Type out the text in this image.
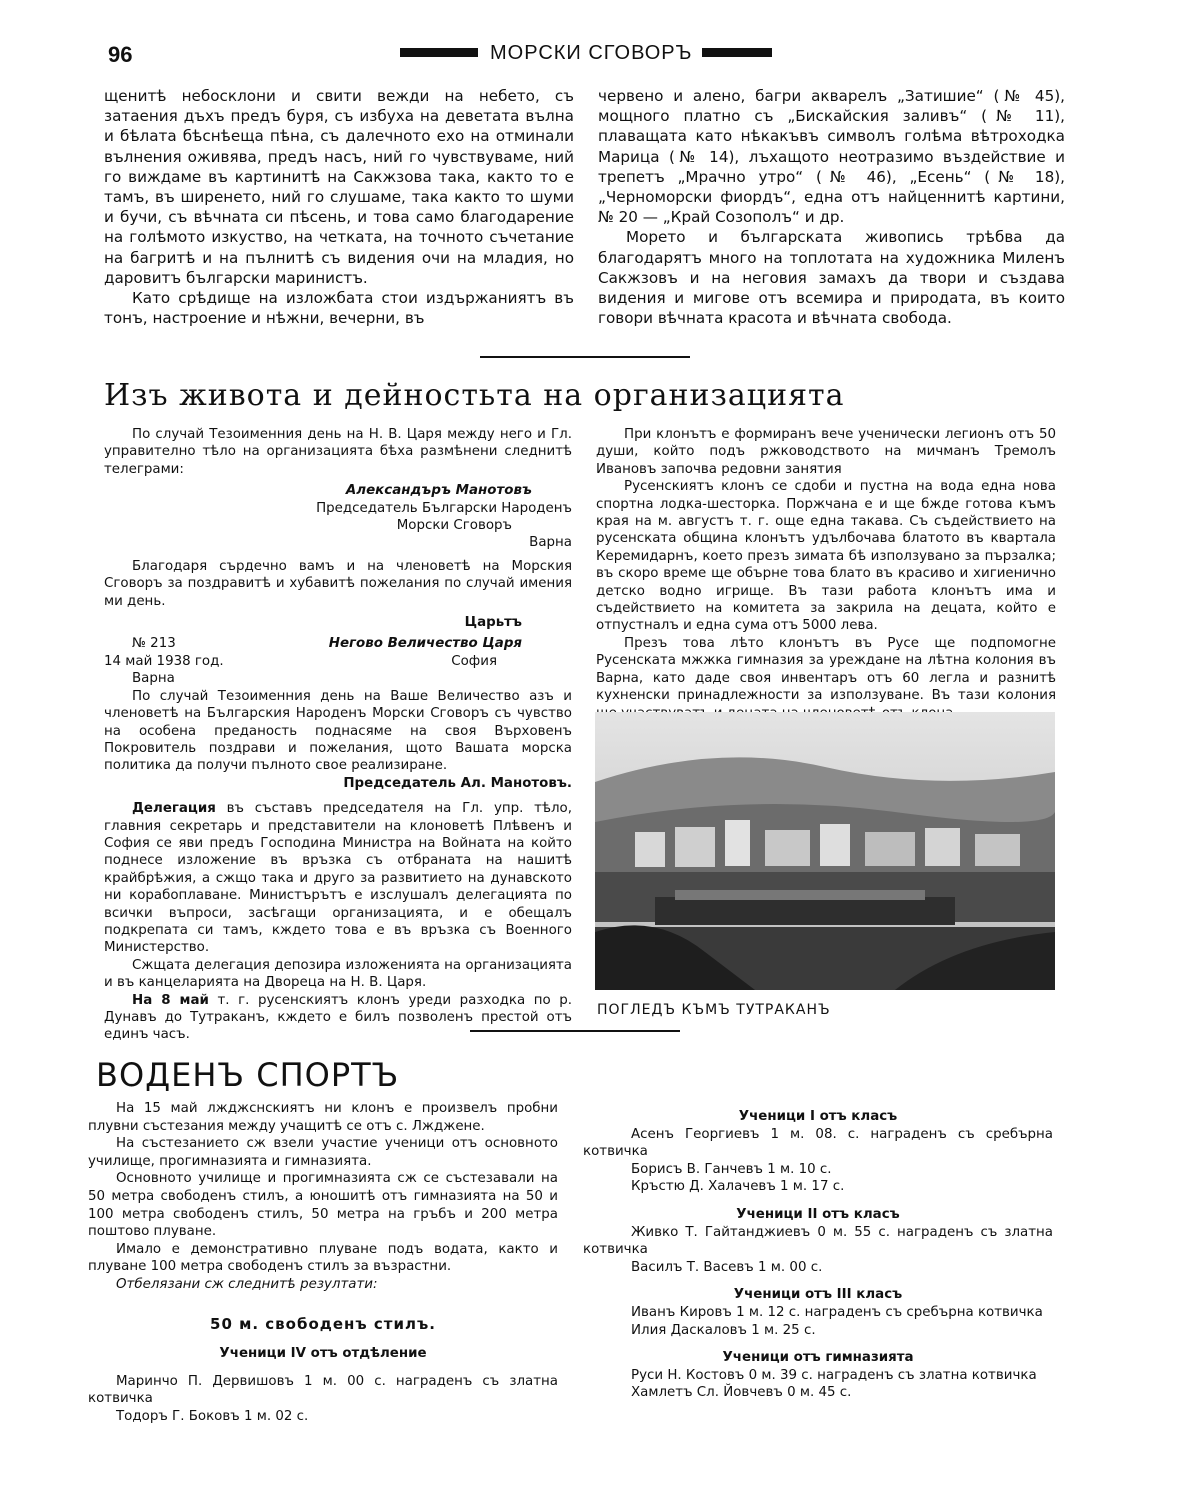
96	МОРСКИ СГОВОРЪ

щенитѣ небосклони и свити вежди на небето, съ затаения дъхъ предъ буря, съ избуха на деветата вълна и бѣлата бѣснѣеща пѣна, съ далечното ехо на отминали вълнения оживява, предъ насъ, ний го чувствуваме, ний го виждаме въ картинитѣ на Сакжзова така, както то е тамъ, въ ширенето, ний го слушаме, така както то шуми и бучи, съ вѣчната си пѣсень, и това само благодарение на голѣмото изкуство, на четката, на точното съчетание на багритѣ и на пълнитѣ съ видения очи на младия, но даровитъ български маринистъ.

Като срѣдище на изложбата стои издържаниятъ въ тонъ, настроение и нѣжни, вечерни, въ

червено и алено, багри акварелъ „Затишие“ (№ 45), мощного платно съ „Бискайския заливъ“ (№ 11), плаващата като нѣкакъвъ символъ голѣма вѣтроходка Марица (№ 14), лъхащото неотразимо въздействие и трепетъ „Мрачно утро“ (№ 46), „Есень“ (№ 18), „Черноморски фиордъ“, една отъ найценнитѣ картини, № 20 — „Край Созополъ“ и др.

Морето и българската живопись трѣбва да благодарятъ много на топлотата на художника Миленъ Сакжзовъ и на неговия замахъ да твори и създава видения и мигове отъ всемира и природата, въ които говори вѣчната красота и вѣчната свобода.

Изъ живота и дейностьта на организацията

По случай Тезоименния день на Н. В. Царя между него и Гл. управително тѣло на организацията бѣха размѣнени следнитѣ телеграми:

Александъръ Манотовъ
Председатель Български Народенъ
Морски Сговоръ
Варна

Благодаря сърдечно вамъ и на членоветѣ на Морския Сговоръ за поздравитѣ и хубавитѣ пожелания по случай имения ми день.

Царьтъ
№ 213	Негово Величество Царя
14 май 1938 год.	София
Варна

По случай Тезоименния день на Ваше Величество азъ и членоветѣ на Българския Народенъ Морски Сговоръ съ чувство на особена преданость поднасяме на своя Върховенъ Покровитель поздрави и пожелания, щото Вашата морска политика да получи пълното свое реализиране.

Председатель Ал. Манотовъ.

Делегация въ съставъ председателя на Гл. упр. тѣло, главния секретарь и представители на клоноветѣ Плѣвенъ и София се яви предъ Господина Министра на Войната на който поднесе изложение въ връзка съ отбраната на нашитѣ крайбрѣжия, а сжщо така и друго за развитието на дунавското ни корабоплаване. Министърътъ е изслушалъ делегацията по всички въпроси, засѣгащи организацията, и е обещалъ подкрепата си тамъ, кждето това е въ връзка съ Военного Министерство.

Сжщата делегация депозира изложенията на организацията и въ канцеларията на Двореца на Н. В. Царя.

На 8 май т. г. русенскиятъ клонъ уреди разходка по р. Дунавъ до Тутраканъ, кждето е билъ позволенъ престой отъ единъ часъ.

При клонътъ е формиранъ вече ученически легионъ отъ 50 души, който подъ ржководството на мичманъ Тремолъ Ивановъ започва редовни занятия

Русенскиятъ клонъ се сдоби и пустна на вода една нова спортна лодка-шесторка. Поржчана е и ще бжде готова къмъ края на м. августъ т. г. още една такава. Съ съдействието на русенската община клонътъ удълбочава блатото въ квартала Керемидарнъ, което презъ зимата бѣ използувано за пързалка; въ скоро време ще обърне това блато въ красиво и хигиенично детско водно игрище. Въ тази работа клонътъ има и съдействието на комитета за закрила на децата, който е отпустналъ и една сума отъ 5000 лева.

Презъ това лѣто клонътъ въ Русе ще подпомогне Русенската мжжка гимназия за уреждане на лѣтна колония въ Варна, като даде своя инвентаръ отъ 60 легла и разнитѣ кухненски принадлежности за използуване. Въ тази колония

ПОГЛЕДЪ КЪМЪ ТУТРАКАНЪ
ВОДЕНЪ СПОРТЪ

На 15 май лжджснскиятъ ни клонъ е произвелъ пробни плувни състезания между учащитѣ се отъ с. Лжджене.

На състезанието сж взели участие ученици отъ основното училище, прогимназията и гимназията.

Основното училище и прогимназията сж се състезавали на 50 метра свободенъ стилъ, а юношитѣ отъ гимназията на 50 и 100 метра свободенъ стилъ, 50 метра на гръбъ и 200 метра поштово плуване.

Имало е демонстративно плуване подъ водата, както и плуване 100 метра свободенъ стилъ за възрастни.

Отбелязани сж следнитѣ резултати:

50 м. свободенъ стилъ.
Ученици IV отъ отдѣление

Маринчо П. Дервишовъ 1 м. 00 с. награденъ съ златна котвичка

Тодоръ Г. Боковъ 1 м. 02 с.

Ученици I отъ класъ

Асенъ Георгиевъ 1 м. 08. с. награденъ съ сребърна котвичка

Борисъ В. Ганчевъ 1 м. 10 с.

Кръстю Д. Халачевъ 1 м. 17 с.

Ученици II отъ класъ

Живко Т. Гайтанджиевъ 0 м. 55 с. награденъ съ златна котвичка

Василъ Т. Васевъ 1 м. 00 с.

Ученици отъ III класъ

Иванъ Кировъ 1 м. 12 с. награденъ съ сребърна котвичка

Илия Даскаловъ 1 м. 25 с.

Ученици отъ гимназията

Руси Н. Костовъ 0 м. 39 с. награденъ съ златна котвичка

Хамлетъ Сл. Йовчевъ 0 м. 45 с.
